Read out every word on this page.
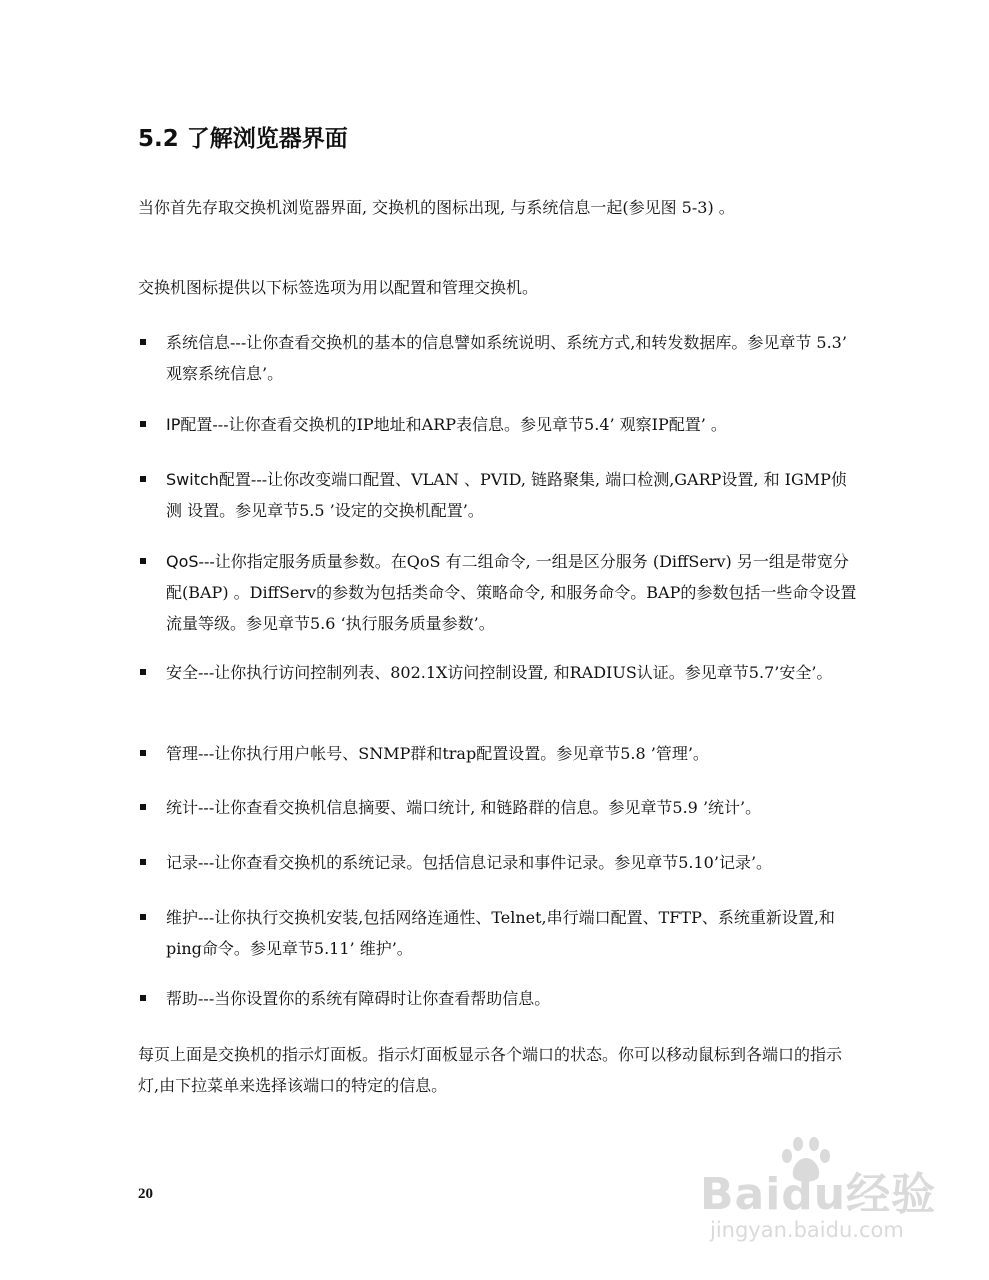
5.2 了解浏览器界面

当你首先存取交换机浏览器界面, 交换机的图标出现, 与系统信息一起(参见图 5-3) 。

交换机图标提供以下标签选项为用以配置和管理交换机。

系统信息---让你查看交换机的基本的信息譬如系统说明、系统方式,和转发数据库。参见章节 5.3’ 观察系统信息’。
IP配置---让你查看交换机的IP地址和ARP表信息。参见章节5.4’ 观察IP配置’ 。
Switch配置---让你改变端口配置、VLAN 、PVID, 链路聚集, 端口检测,GARP设置, 和 IGMP侦测 设置。参见章节5.5 ’设定的交换机配置’。
QoS---让你指定服务质量参数。在QoS 有二组命令, 一组是区分服务 (DiffServ) 另一组是带宽分配(BAP) 。DiffServ的参数为包括类命令、策略命令, 和服务命令。BAP的参数包括一些命令设置流量等级。参见章节5.6 ‘执行服务质量参数’。
安全---让你执行访问控制列表、802.1X访问控制设置, 和RADIUS认证。参见章节5.7’安全’。
管理---让你执行用户帐号、SNMP群和trap配置设置。参见章节5.8 ’管理’。
统计---让你查看交换机信息摘要、端口统计, 和链路群的信息。参见章节5.9 ’统计’。
记录---让你查看交换机的系统记录。包括信息记录和事件记录。参见章节5.10’记录’。
维护---让你执行交换机安装,包括网络连通性、Telnet,串行端口配置、TFTP、系统重新设置,和ping命令。参见章节5.11’ 维护’。
帮助---当你设置你的系统有障碍时让你查看帮助信息。

每页上面是交换机的指示灯面板。指示灯面板显示各个端口的状态。你可以移动鼠标到各端口的指示灯,由下拉菜单来选择该端口的特定的信息。

20	Baidu经验
jingyan.baidu.com
